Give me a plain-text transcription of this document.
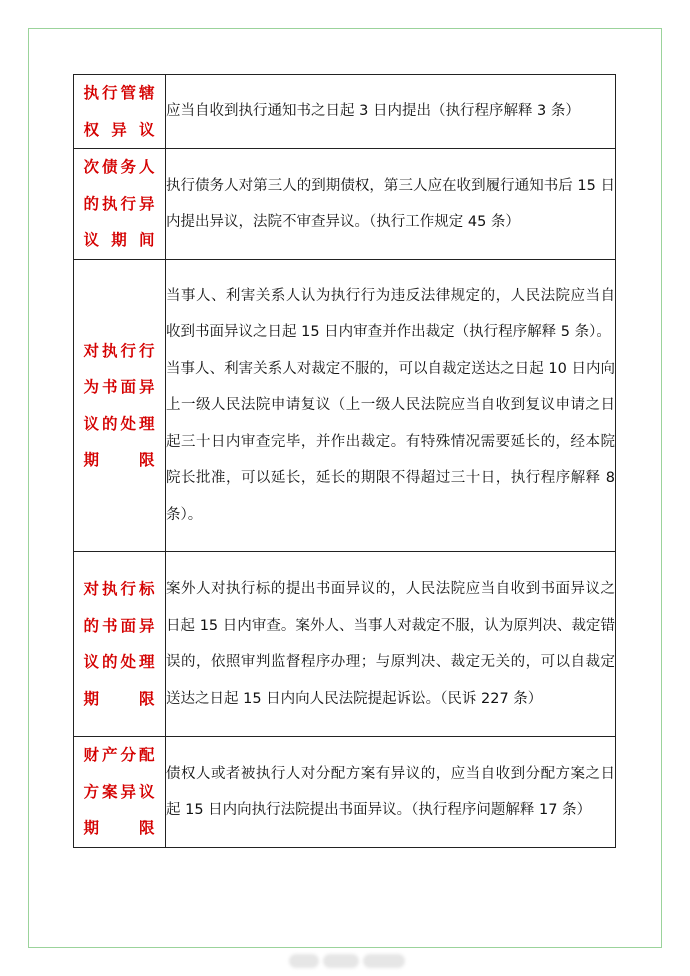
执行管辖权异议	应当自收到执行通知书之日起 3 日内提出（执行程序解释 3 条）

次债务人的执行异议期间	执行债务人对第三人的到期债权，第三人应在收到履行通知书后 15 日内提出异议，法院不审查异议。（执行工作规定 45 条）

对执行行为书面异议的处理期限	当事人、利害关系人认为执行行为违反法律规定的，人民法院应当自收到书面异议之日起 15 日内审查并作出裁定（执行程序解释 5 条）。
当事人、利害关系人对裁定不服的，可以自裁定送达之日起 10 日内向上一级人民法院申请复议（上一级人民法院应当自收到复议申请之日起三十日内审查完毕，并作出裁定。有特殊情况需要延长的，经本院院长批准，可以延长，延长的期限不得超过三十日，执行程序解释 8 条）。

对执行标的书面异议的处理期限	案外人对执行标的提出书面异议的，人民法院应当自收到书面异议之日起 15 日内审查。案外人、当事人对裁定不服，认为原判决、裁定错误的，依照审判监督程序办理；与原判决、裁定无关的，可以自裁定送达之日起 15 日内向人民法院提起诉讼。（民诉 227 条）

财产分配方案异议期限	债权人或者被执行人对分配方案有异议的，应当自收到分配方案之日起 15 日内向执行法院提出书面异议。（执行程序问题解释 17 条）
